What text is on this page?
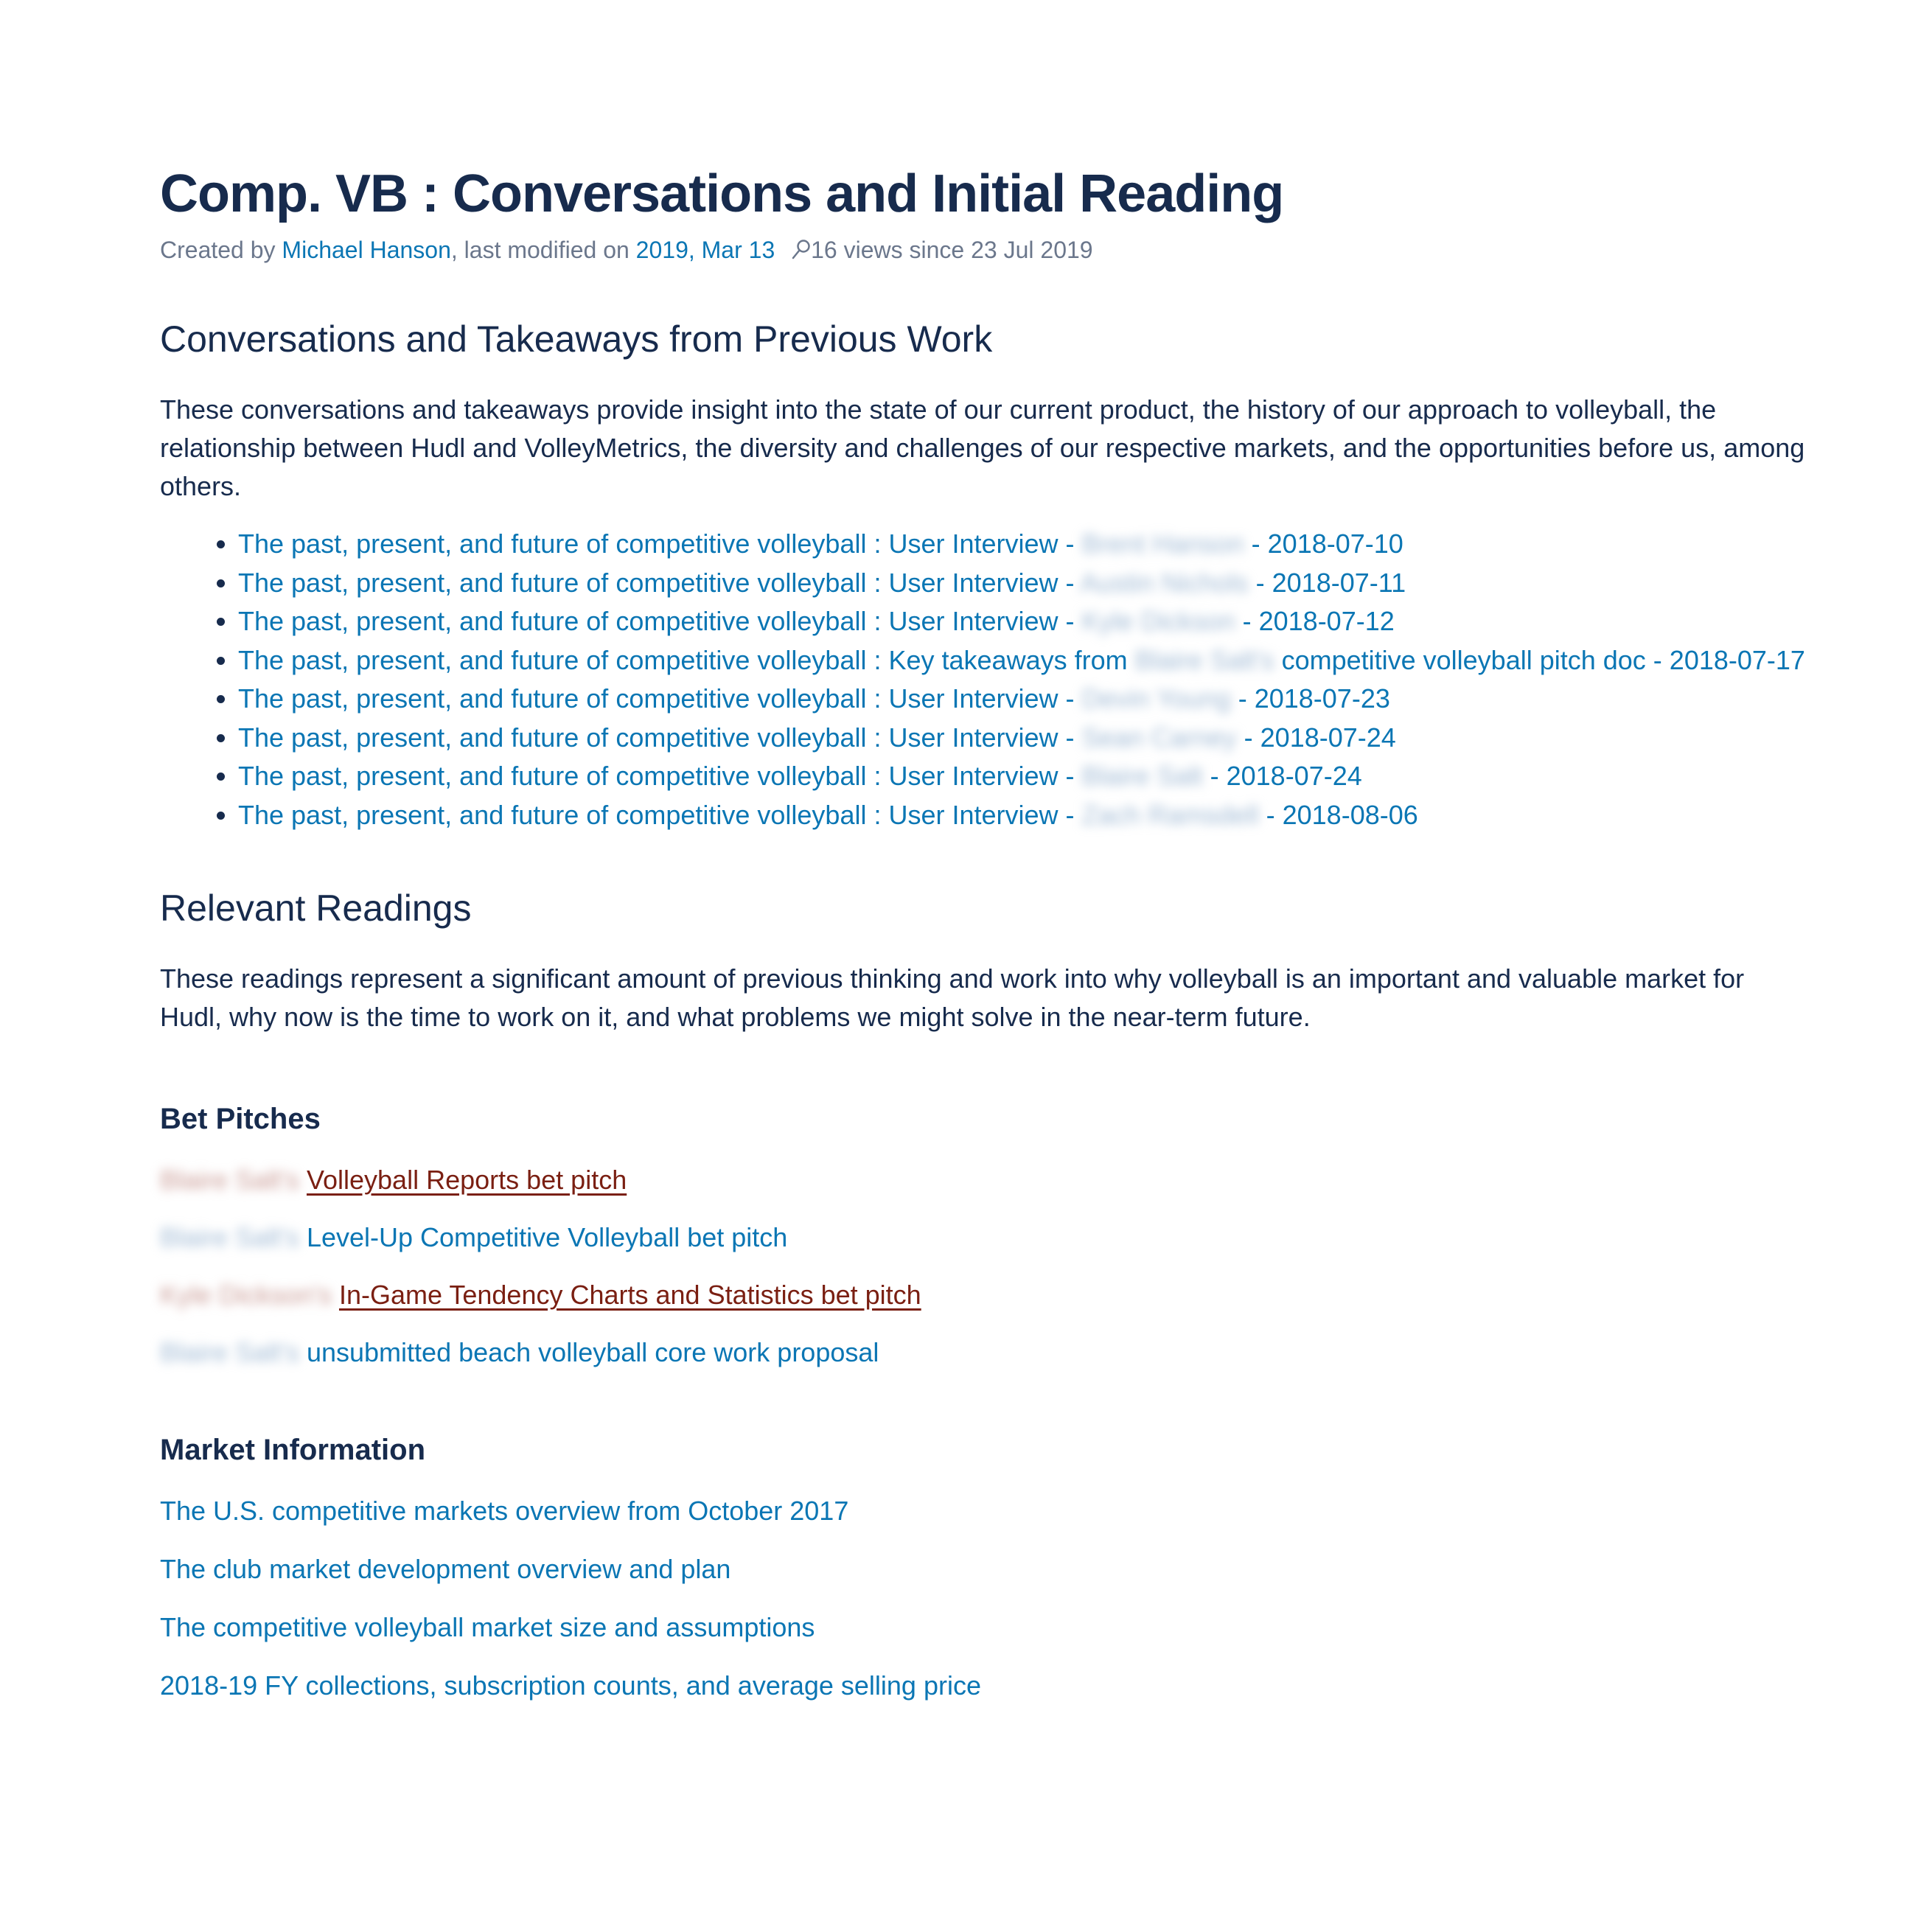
Comp. VB : Conversations and Initial Reading
Created by Michael Hanson, last modified on 2019, Mar 13 16 views since 23 Jul 2019
Conversations and Takeaways from Previous Work

These conversations and takeaways provide insight into the state of our current product, the history of our approach to volleyball, the relationship between Hudl and VolleyMetrics, the diversity and challenges of our respective markets, and the opportunities before us, among others.

• The past, present, and future of competitive volleyball : User Interview - Brent Hanson - 2018-07-10
• The past, present, and future of competitive volleyball : User Interview - Austin Nichols - 2018-07-11
• The past, present, and future of competitive volleyball : User Interview - Kyle Dickson - 2018-07-12
• The past, present, and future of competitive volleyball : Key takeaways from Blaire Salt's competitive volleyball pitch doc - 2018-07-17
• The past, present, and future of competitive volleyball : User Interview - Devin Young - 2018-07-23
• The past, present, and future of competitive volleyball : User Interview - Sean Carney - 2018-07-24
• The past, present, and future of competitive volleyball : User Interview - Blaire Salt - 2018-07-24
• The past, present, and future of competitive volleyball : User Interview - Zach Ramsdell - 2018-08-06
Relevant Readings

These readings represent a significant amount of previous thinking and work into why volleyball is an important and valuable market for Hudl, why now is the time to work on it, and what problems we might solve in the near-term future.

Bet Pitches
Blaire Salt's Volleyball Reports bet pitch
Blaire Salt's Level-Up Competitive Volleyball bet pitch
Kyle Dickson's In-Game Tendency Charts and Statistics bet pitch
Blaire Salt's unsubmitted beach volleyball core work proposal
Market Information
The U.S. competitive markets overview from October 2017
The club market development overview and plan
The competitive volleyball market size and assumptions
2018-19 FY collections, subscription counts, and average selling price
